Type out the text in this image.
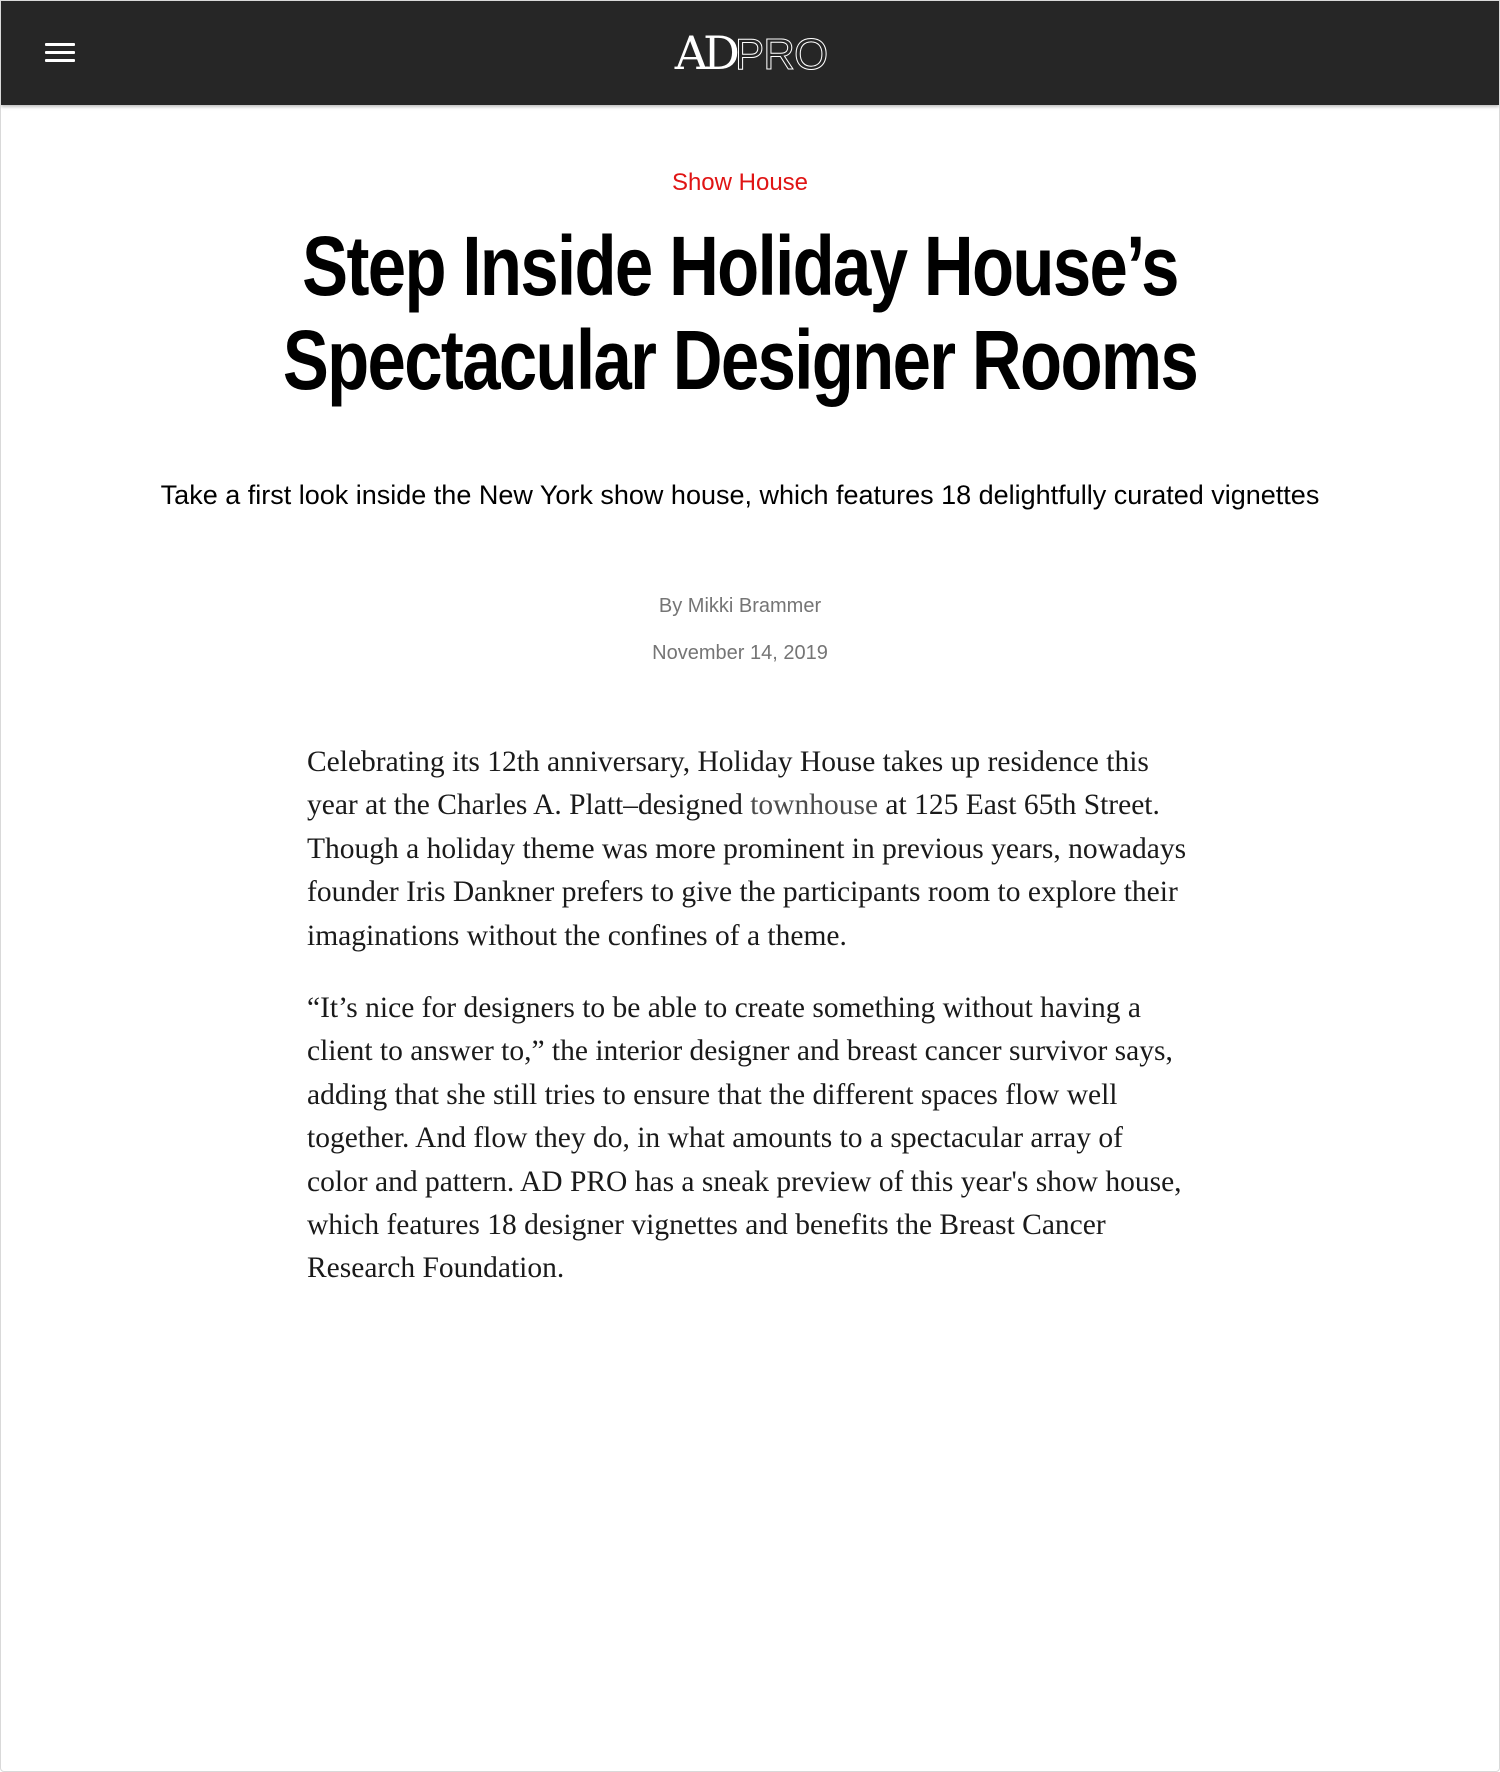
ADPRO
Show House
Step Inside Holiday House’s
Spectacular Designer Rooms
Take a first look inside the New York show house, which features 18 delightfully curated vignettes
By Mikki Brammer
November 14, 2019

Celebrating its 12th anniversary, Holiday House takes up residence this year at the Charles A. Platt–designed townhouse at 125 East 65th Street. Though a holiday theme was more prominent in previous years, nowadays founder Iris Dankner prefers to give the participants room to explore their imaginations without the confines of a theme.

“It’s nice for designers to be able to create something without having a client to answer to,” the interior designer and breast cancer survivor says, adding that she still tries to ensure that the different spaces flow well together. And flow they do, in what amounts to a spectacular array of color and pattern. AD PRO has a sneak preview of this year's show house, which features 18 designer vignettes and benefits the Breast Cancer Research Foundation.
